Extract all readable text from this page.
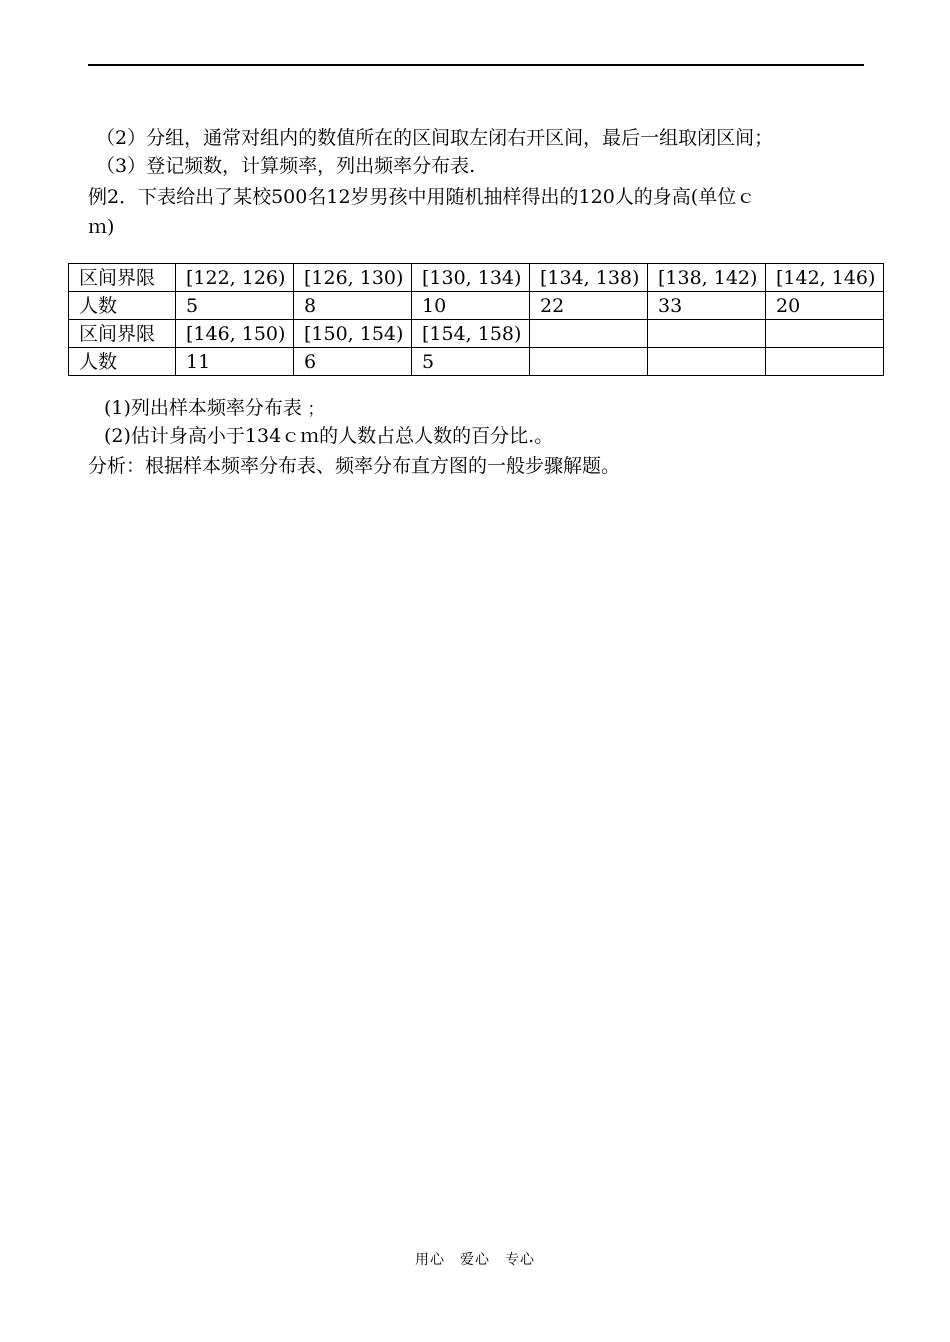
（2）分组，通常对组内的数值所在的区间取左闭右开区间，最后一组取闭区间；
（3）登记频数，计算频率，列出频率分布表.
例2．下表给出了某校500名12岁男孩中用随机抽样得出的120人的身高(单位ｃ
ｍ)
区间界限	[122, 126)	[126, 130)	[130, 134)	[134, 138)	[138, 142)	[142, 146)
人数	5	8	10	22	33	20
区间界限	[146, 150)	[150, 154)	[154, 158)			
人数	11	6	5			
(1)列出样本频率分布表﹔
(2)估计身高小于134ｃｍ的人数占总人数的百分比.。
分析：根据样本频率分布表、频率分布直方图的一般步骤解题。
用心　爱心　专心
